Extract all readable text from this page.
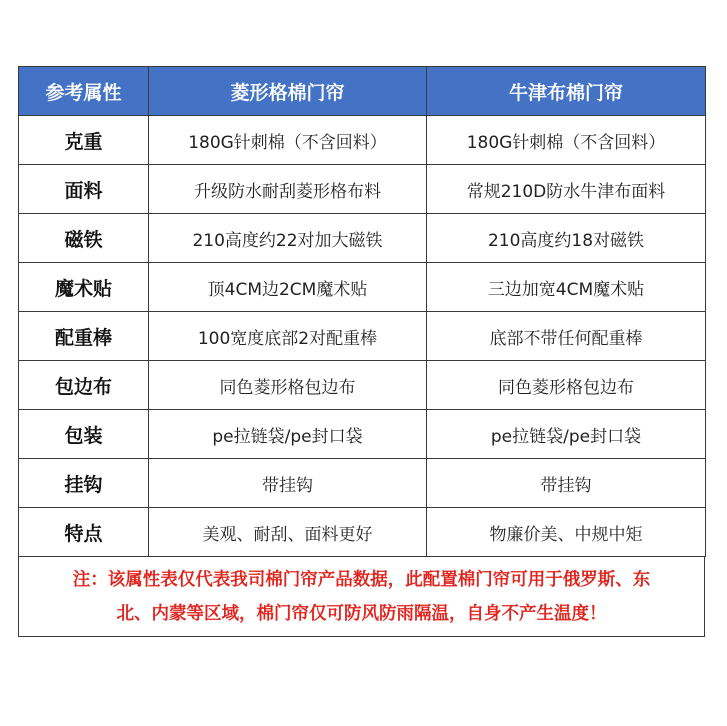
参考属性	菱形格棉门帘	牛津布棉门帘
克重	180G针刺棉（不含回料）	180G针刺棉（不含回料）
面料	升级防水耐刮菱形格布料	常规210D防水牛津布面料
磁铁	210高度约22对加大磁铁	210高度约18对磁铁
魔术贴	顶4CM边2CM魔术贴	三边加宽4CM魔术贴
配重棒	100宽度底部2对配重棒	底部不带任何配重棒
包边布	同色菱形格包边布	同色菱形格包边布
包装	pe拉链袋/pe封口袋	pe拉链袋/pe封口袋
挂钩	带挂钩	带挂钩
特点	美观、耐刮、面料更好	物廉价美、中规中矩
注：该属性表仅代表我司棉门帘产品数据，此配置棉门帘可用于俄罗斯、东
北、内蒙等区域，棉门帘仅可防风防雨隔温，自身不产生温度！
